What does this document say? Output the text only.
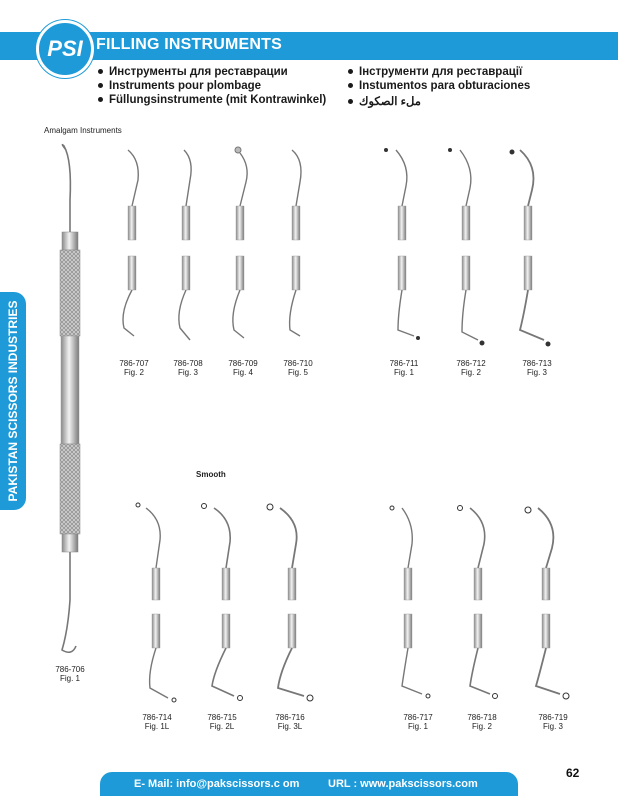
PSI FILLING INSTRUMENTS
Инструменты для реставрации
Instruments pour plombage
Füllungsinstrumente (mit Kontrawinkel)
Інструменти для реставрації
Instumentos para obturaciones
ملء الصكوك
PAKISTAN SCISSORS INDUSTRIES
Amalgam Instruments
Smooth
786-706
Fig. 1
786-707
Fig. 2
786-708
Fig. 3
786-709
Fig. 4
786-710
Fig. 5
786-711
Fig. 1
786-712
Fig. 2
786-713
Fig. 3
786-714
Fig. 1L
786-715
Fig. 2L
786-716
Fig. 3L
786-717
Fig. 1
786-718
Fig. 2
786-719
Fig. 3
E- Mail: info@pakscissors.c om	URL : www.pakscissors.com
62
